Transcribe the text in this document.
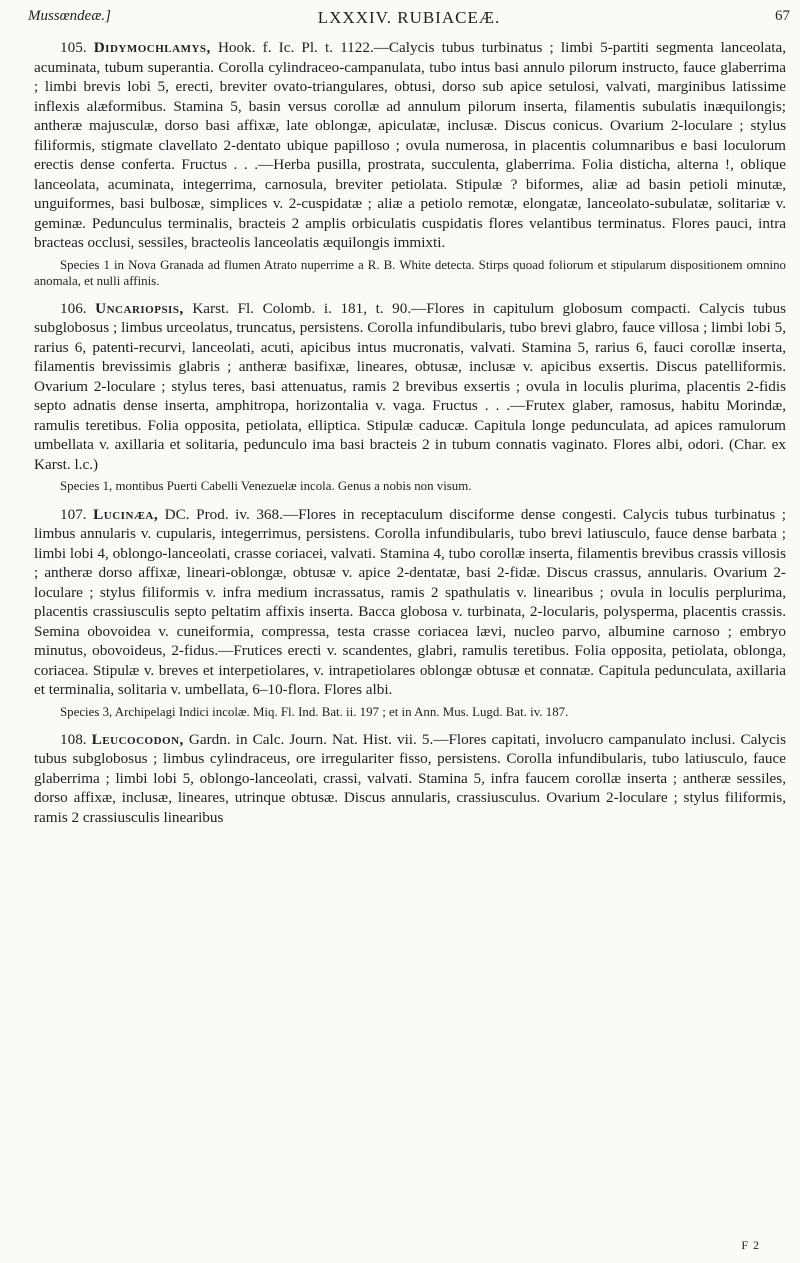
Mussœndeæ.]	LXXXIV. RUBIACEÆ.	67

105. Didymochlamys, Hook. f. Ic. Pl. t. 1122.—Calycis tubus turbinatus ; limbi 5-partiti segmenta lanceolata, acuminata, tubum superantia. Corolla cylindraceo-campanulata, tubo intus basi annulo pilorum instructo, fauce glaberrima ; limbi brevis lobi 5, erecti, breviter ovato-triangulares, obtusi, dorso sub apice setulosi, valvati, marginibus latissime inflexis alæformibus. Stamina 5, basin versus corollæ ad annulum pilorum inserta, filamentis subulatis inæquilongis; antheræ majusculæ, dorso basi affixæ, late oblongæ, apiculatæ, inclusæ. Discus conicus. Ovarium 2-loculare ; stylus filiformis, stigmate clavellato 2-dentato ubique papilloso ; ovula numerosa, in placentis columnaribus e basi loculorum erectis dense conferta. Fructus . . .—Herba pusilla, prostrata, succulenta, glaberrima. Folia disticha, alterna !, oblique lanceolata, acuminata, integerrima, carnosula, breviter petiolata. Stipulæ ? biformes, aliæ ad basin petioli minutæ, unguiformes, basi bulbosæ, simplices v. 2-cuspidatæ ; aliæ a petiolo remotæ, elongatæ, lanceolato-subulatæ, solitariæ v. geminæ. Pedunculus terminalis, bracteis 2 amplis orbiculatis cuspidatis flores velantibus terminatus. Flores pauci, intra bracteas occlusi, sessiles, bracteolis lanceolatis æquilongis immixti.

Species 1 in Nova Granada ad flumen Atrato nuperrime a R. B. White detecta. Stirps quoad foliorum et stipularum dispositionem omnino anomala, et nulli affinis.

106. Uncariopsis, Karst. Fl. Colomb. i. 181, t. 90.—Flores in capitulum globosum compacti. Calycis tubus subglobosus ; limbus urceolatus, truncatus, persistens. Corolla infundibularis, tubo brevi glabro, fauce villosa ; limbi lobi 5, rarius 6, patenti-recurvi, lanceolati, acuti, apicibus intus mucronatis, valvati. Stamina 5, rarius 6, fauci corollæ inserta, filamentis brevissimis glabris ; antheræ basifixæ, lineares, obtusæ, inclusæ v. apicibus exsertis. Discus patelliformis. Ovarium 2-loculare ; stylus teres, basi attenuatus, ramis 2 brevibus exsertis ; ovula in loculis plurima, placentis 2-fidis septo adnatis dense inserta, amphitropa, horizontalia v. vaga. Fructus . . .—Frutex glaber, ramosus, habitu Morindæ, ramulis teretibus. Folia opposita, petiolata, elliptica. Stipulæ caducæ. Capitula longe pedunculata, ad apices ramulorum umbellata v. axillaria et solitaria, pedunculo ima basi bracteis 2 in tubum connatis vaginato. Flores albi, odori. (Char. ex Karst. l.c.)

Species 1, montibus Puerti Cabelli Venezuelæ incola. Genus a nobis non visum.

107. Lucinæa, DC. Prod. iv. 368.—Flores in receptaculum disciforme dense congesti. Calycis tubus turbinatus ; limbus annularis v. cupularis, integerrimus, persistens. Corolla infundibularis, tubo brevi latiusculo, fauce dense barbata ; limbi lobi 4, oblongo-lanceolati, crasse coriacei, valvati. Stamina 4, tubo corollæ inserta, filamentis brevibus crassis villosis ; antheræ dorso affixæ, lineari-oblongæ, obtusæ v. apice 2-dentatæ, basi 2-fidæ. Discus crassus, annularis. Ovarium 2-loculare ; stylus filiformis v. infra medium incrassatus, ramis 2 spathulatis v. linearibus ; ovula in loculis perplurima, placentis crassiusculis septo peltatim affixis inserta. Bacca globosa v. turbinata, 2-locularis, polysperma, placentis crassis. Semina obovoidea v. cuneiformia, compressa, testa crasse coriacea lævi, nucleo parvo, albumine carnoso ; embryo minutus, obovoideus, 2-fidus.—Frutices erecti v. scandentes, glabri, ramulis teretibus. Folia opposita, petiolata, oblonga, coriacea. Stipulæ v. breves et interpetiolares, v. intrapetiolares oblongæ obtusæ et connatæ. Capitula pedunculata, axillaria et terminalia, solitaria v. umbellata, 6–10-flora. Flores albi.

Species 3, Archipelagi Indici incolæ. Miq. Fl. Ind. Bat. ii. 197 ; et in Ann. Mus. Lugd. Bat. iv. 187.

108. Leucocodon, Gardn. in Calc. Journ. Nat. Hist. vii. 5.—Flores capitati, involucro campanulato inclusi. Calycis tubus subglobosus ; limbus cylindraceus, ore irregulariter fisso, persistens. Corolla infundibularis, tubo latiusculo, fauce glaberrima ; limbi lobi 5, oblongo-lanceolati, crassi, valvati. Stamina 5, infra faucem corollæ inserta ; antheræ sessiles, dorso affixæ, inclusæ, lineares, utrinque obtusæ. Discus annularis, crassiusculus. Ovarium 2-loculare ; stylus filiformis, ramis 2 crassiusculis linearibus

F 2
